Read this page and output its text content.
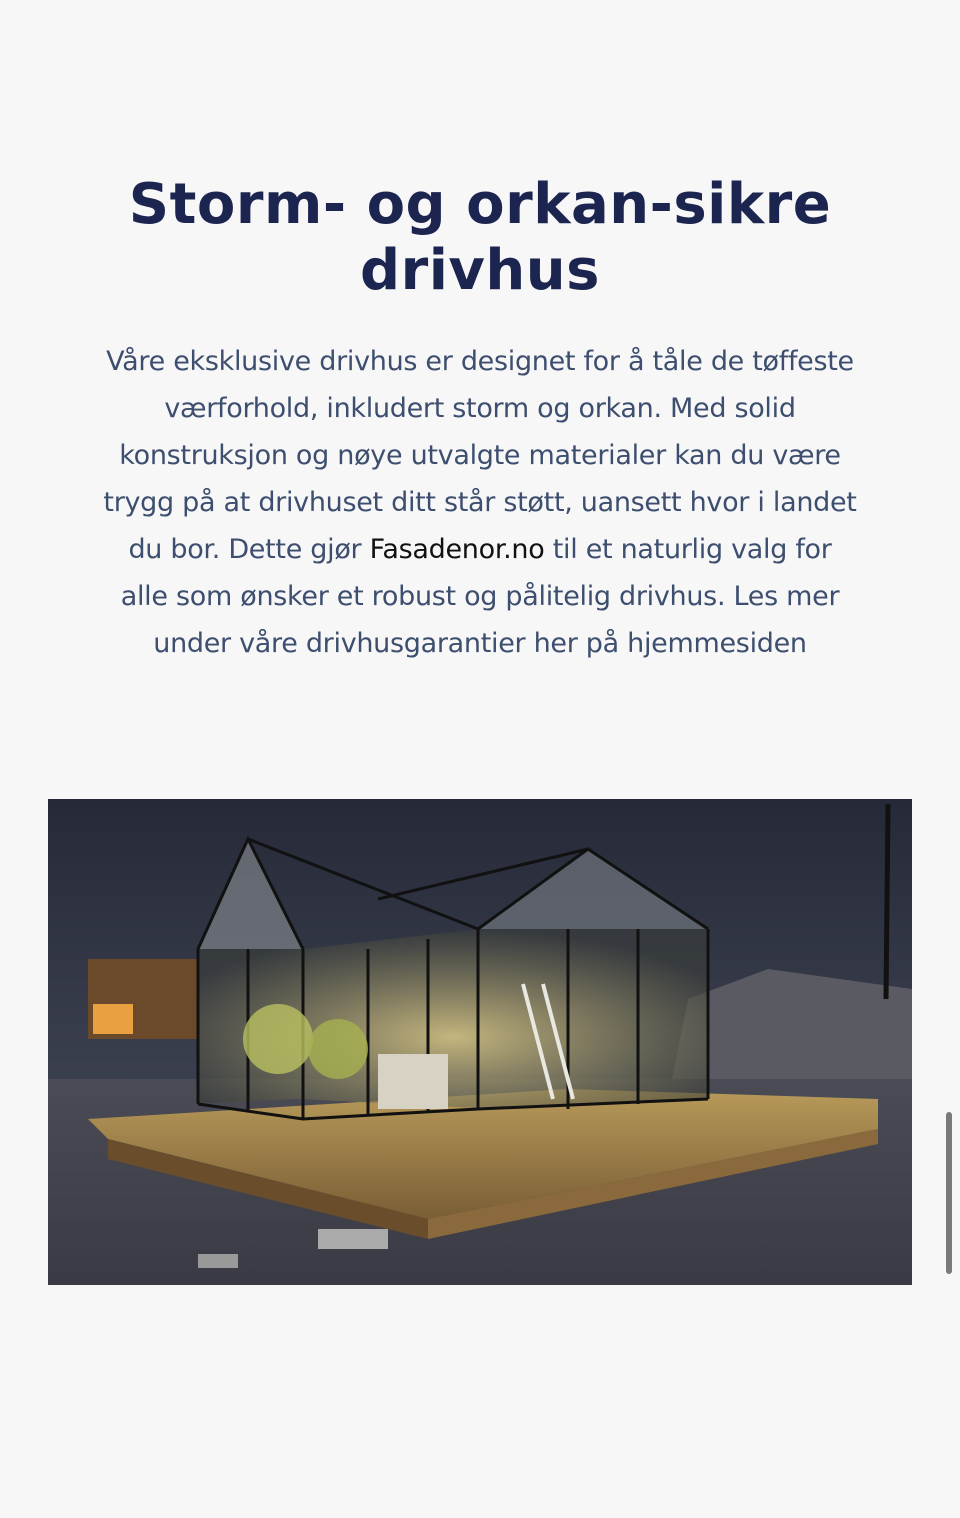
Storm- og orkan-sikre
drivhus
Våre eksklusive drivhus er designet for å tåle de tøffeste
værforhold, inkludert storm og orkan. Med solid
konstruksjon og nøye utvalgte materialer kan du være
trygg på at drivhuset ditt står støtt, uansett hvor i landet
du bor. Dette gjør Fasadenor.no til et naturlig valg for
alle som ønsker et robust og pålitelig drivhus. Les mer
under våre drivhusgarantier her på hjemmesiden
